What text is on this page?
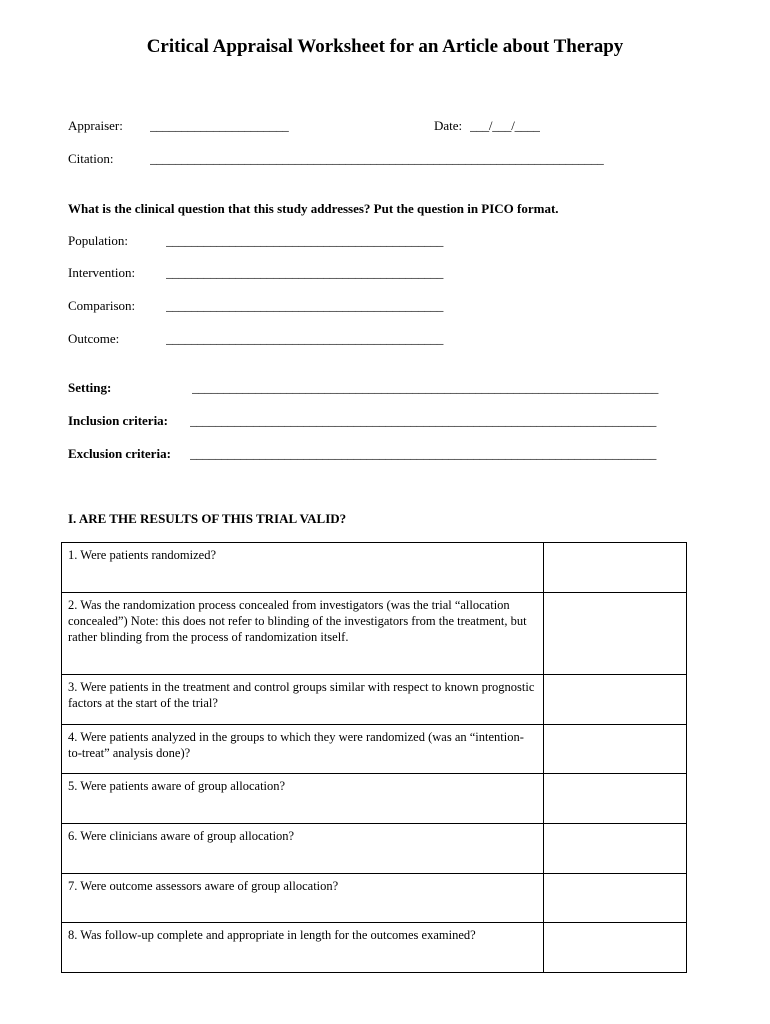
Critical Appraisal Worksheet for an Article about Therapy
Appraiser: ______________________	Date: ___/___/____
Citation:	________________________________________________________________________
What is the clinical question that this study addresses? Put the question in PICO format.
Population:	____________________________________________
Intervention: ____________________________________________
Comparison: ____________________________________________
Outcome:	____________________________________________
Setting:	__________________________________________________________________________
Inclusion criteria: __________________________________________________________________________
Exclusion criteria: __________________________________________________________________________
I. ARE THE RESULTS OF THIS TRIAL VALID?
1. Were patients randomized?	
2. Was the randomization process concealed from investigators (was the trial “allocation concealed”) Note: this does not refer to blinding of the investigators from the treatment, but rather blinding from the process of randomization itself.	
3. Were patients in the treatment and control groups similar with respect to known prognostic factors at the start of the trial?	
4. Were patients analyzed in the groups to which they were randomized (was an “intention-to-treat” analysis done)?	
5. Were patients aware of group allocation?	
6. Were clinicians aware of group allocation?	
7. Were outcome assessors aware of group allocation?	
8. Was follow-up complete and appropriate in length for the outcomes examined?	
